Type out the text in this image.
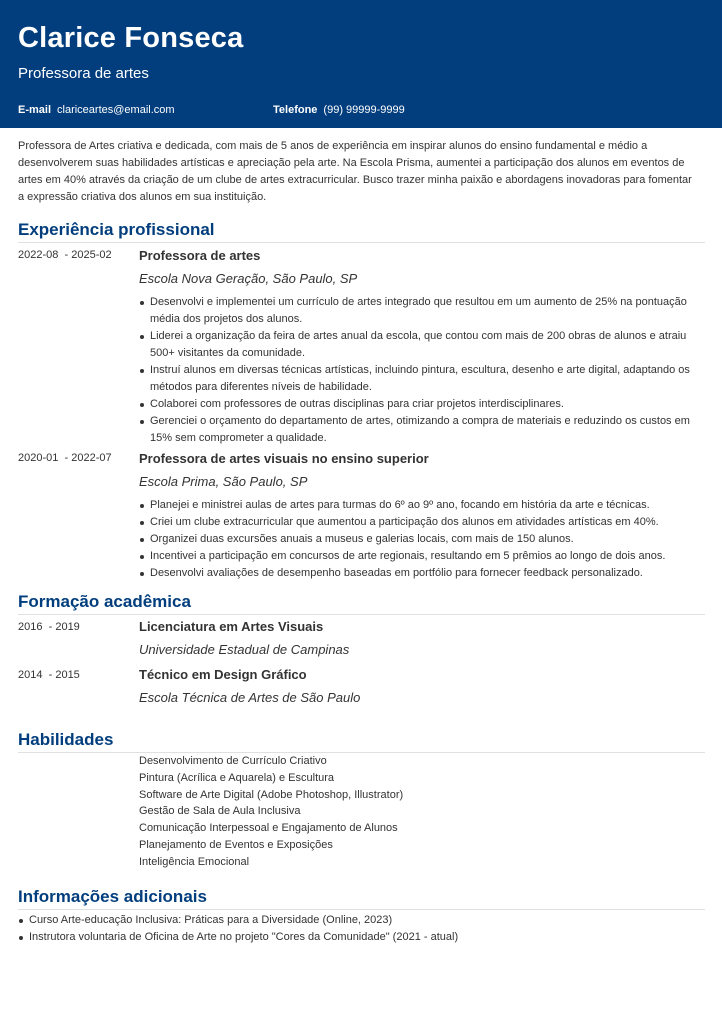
Clarice Fonseca
Professora de artes
E-mail clariceartes@email.com	Telefone (99) 99999-9999
Professora de Artes criativa e dedicada, com mais de 5 anos de experiência em inspirar alunos do ensino fundamental e médio a desenvolverem suas habilidades artísticas e apreciação pela arte. Na Escola Prisma, aumentei a participação dos alunos em eventos de artes em 40% através da criação de um clube de artes extracurricular. Busco trazer minha paixão e abordagens inovadoras para fomentar a expressão criativa dos alunos em sua instituição.
Experiência profissional
2022-08  - 2025-02 Professora de artes
Escola Nova Geração, São Paulo, SP
Desenvolvi e implementei um currículo de artes integrado que resultou em um aumento de 25% na pontuação média dos projetos dos alunos.
Liderei a organização da feira de artes anual da escola, que contou com mais de 200 obras de alunos e atraiu 500+ visitantes da comunidade.
Instruí alunos em diversas técnicas artísticas, incluindo pintura, escultura, desenho e arte digital, adaptando os métodos para diferentes níveis de habilidade.
Colaborei com professores de outras disciplinas para criar projetos interdisciplinares.
Gerenciei o orçamento do departamento de artes, otimizando a compra de materiais e reduzindo os custos em 15% sem comprometer a qualidade.
2020-01  - 2022-07 Professora de artes visuais no ensino superior
Escola Prima, São Paulo, SP
Planejei e ministrei aulas de artes para turmas do 6º ao 9º ano, focando em história da arte e técnicas.
Criei um clube extracurricular que aumentou a participação dos alunos em atividades artísticas em 40%.
Organizei duas excursões anuais a museus e galerias locais, com mais de 150 alunos.
Incentivei a participação em concursos de arte regionais, resultando em 5 prêmios ao longo de dois anos.
Desenvolvi avaliações de desempenho baseadas em portfólio para fornecer feedback personalizado.
Formação acadêmica
2016  - 2019	Licenciatura em Artes Visuais
Universidade Estadual de Campinas
2014  - 2015	Técnico em Design Gráfico
Escola Técnica de Artes de São Paulo
Habilidades
Desenvolvimento de Currículo Criativo
Pintura (Acrílica e Aquarela) e Escultura
Software de Arte Digital (Adobe Photoshop, Illustrator)
Gestão de Sala de Aula Inclusiva
Comunicação Interpessoal e Engajamento de Alunos
Planejamento de Eventos e Exposições
Inteligência Emocional
Informações adicionais
Curso Arte-educação Inclusiva: Práticas para a Diversidade (Online, 2023)
Instrutora voluntaria de Oficina de Arte no projeto "Cores da Comunidade" (2021 - atual)
